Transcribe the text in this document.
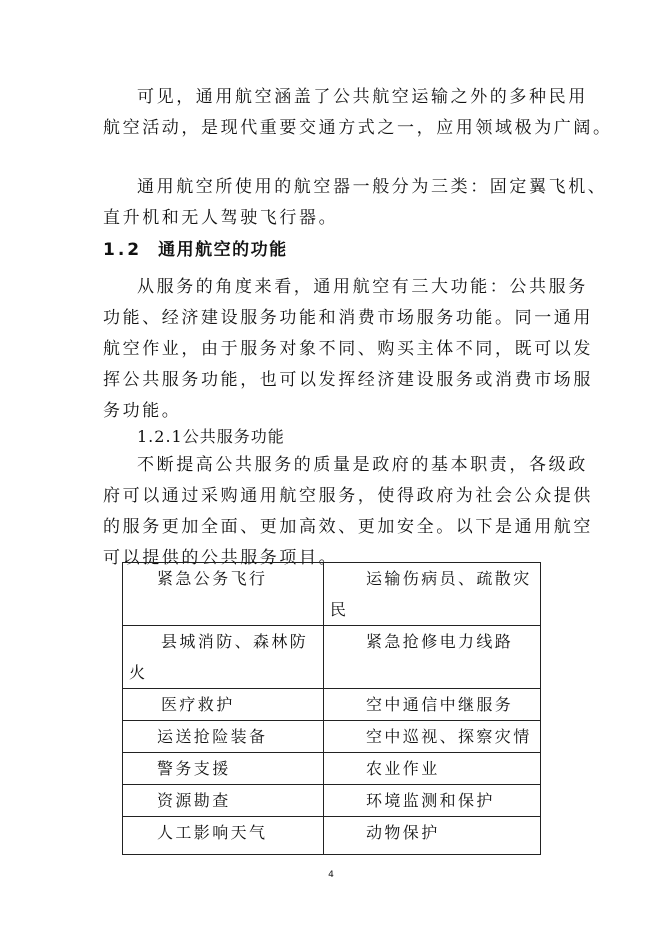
可见，通用航空涵盖了公共航空运输之外的多种民用
航空活动，是现代重要交通方式之一，应用领域极为广阔。

通用航空所使用的航空器一般分为三类：固定翼飞机、
直升机和无人驾驶飞行器。

1.2 通用航空的功能

从服务的角度来看，通用航空有三大功能：公共服务
功能、经济建设服务功能和消费市场服务功能。同一通用
航空作业，由于服务对象不同、购买主体不同，既可以发
挥公共服务功能，也可以发挥经济建设服务或消费市场服
务功能。

1.2.1公共服务功能

不断提高公共服务的质量是政府的基本职责，各级政
府可以通过采购通用航空服务，使得政府为社会公众提供
的服务更加全面、更加高效、更加安全。以下是通用航空
可以提供的公共服务项目。

紧急公务飞行	运输伤病员、疏散灾
民

县城消防、森林防
火	紧急抢修电力线路

医疗救护	空中通信中继服务

运送抢险装备	空中巡视、探察灾情

警务支援	农业作业

资源勘查	环境监测和保护

人工影响天气	动物保护
4
